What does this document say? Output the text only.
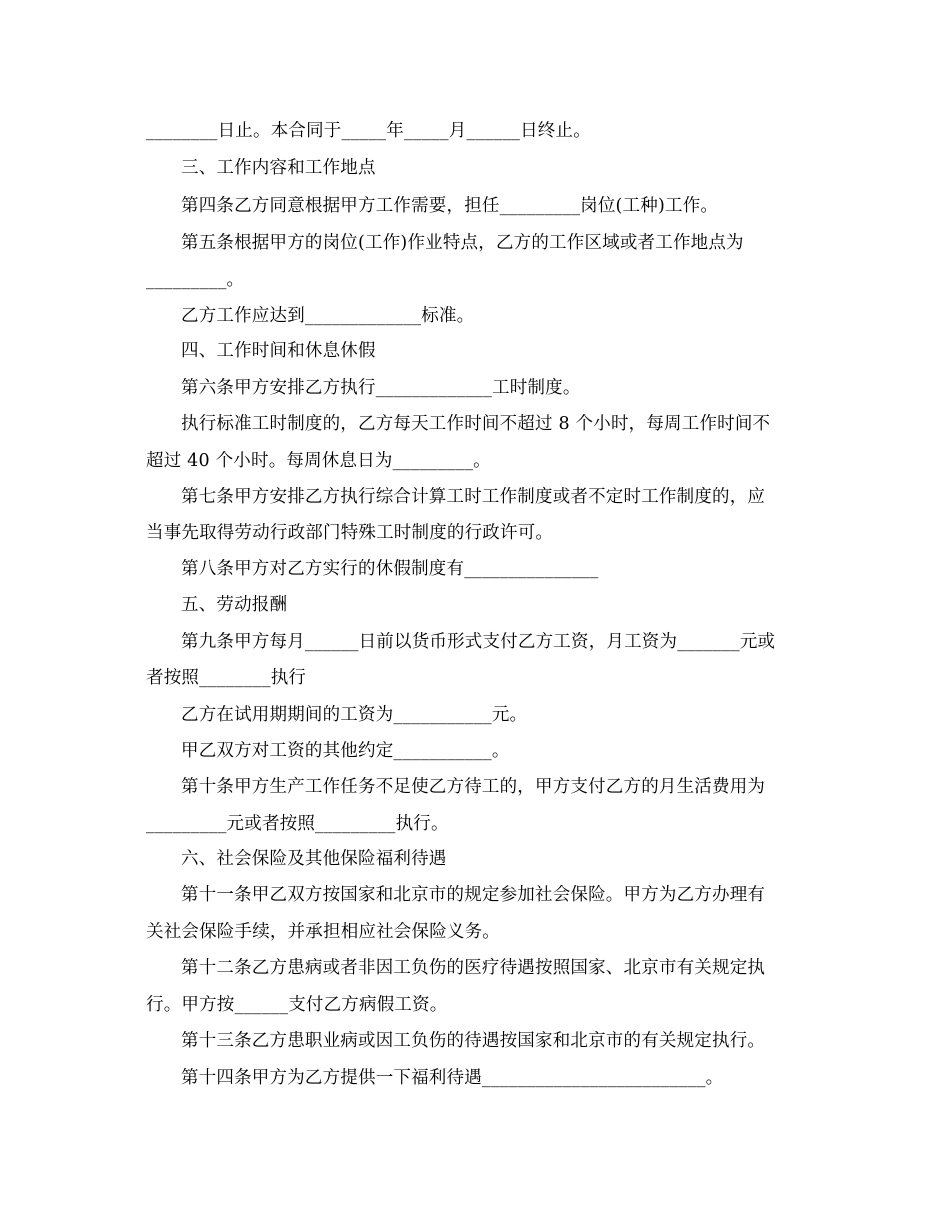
________日止。本合同于_____年_____月______日终止。
三、工作内容和工作地点
第四条乙方同意根据甲方工作需要，担任_________岗位(工种)工作。
第五条根据甲方的岗位(工作)作业特点，乙方的工作区域或者工作地点为
_________。
乙方工作应达到_____________标准。
四、工作时间和休息休假
第六条甲方安排乙方执行_____________工时制度。
执行标准工时制度的，乙方每天工作时间不超过 8 个小时，每周工作时间不
超过 40 个小时。每周休息日为_________。
第七条甲方安排乙方执行综合计算工时工作制度或者不定时工作制度的，应
当事先取得劳动行政部门特殊工时制度的行政许可。
第八条甲方对乙方实行的休假制度有_______________
五、劳动报酬
第九条甲方每月______日前以货币形式支付乙方工资，月工资为_______元或
者按照________执行
乙方在试用期期间的工资为___________元。
甲乙双方对工资的其他约定___________。
第十条甲方生产工作任务不足使乙方待工的，甲方支付乙方的月生活费用为
_________元或者按照_________执行。
六、社会保险及其他保险福利待遇
第十一条甲乙双方按国家和北京市的规定参加社会保险。甲方为乙方办理有
关社会保险手续，并承担相应社会保险义务。
第十二条乙方患病或者非因工负伤的医疗待遇按照国家、北京市有关规定执
行。甲方按______支付乙方病假工资。
第十三条乙方患职业病或因工负伤的待遇按国家和北京市的有关规定执行。
第十四条甲方为乙方提供一下福利待遇_________________________。
